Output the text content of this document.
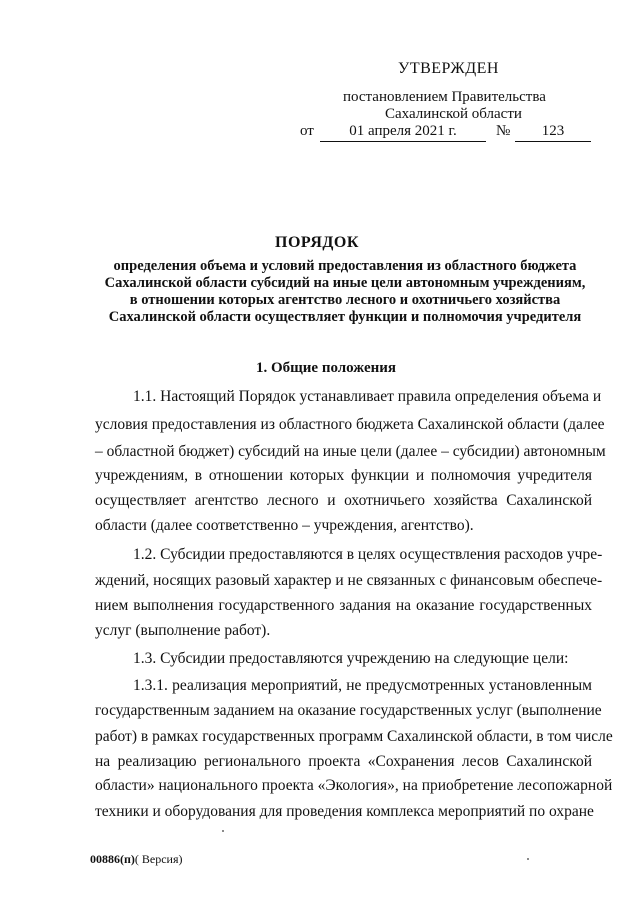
УТВЕРЖДЕН
постановлением Правительства
Сахалинской области
от	01 апреля 2021 г.	№	123
ПОРЯДОК
определения объема и условий предоставления из областного бюджета
Сахалинской области субсидий на иные цели автономным учреждениям,
в отношении которых агентство лесного и охотничьего хозяйства
Сахалинской области осуществляет функции и полномочия учредителя
1. Общие положения
1.1. Настоящий Порядок устанавливает правила определения объема и
условия предоставления из областного бюджета Сахалинской области (далее
– областной бюджет) субсидий на иные цели (далее – субсидии) автономным
учреждениям, в отношении которых функции и полномочия учредителя
осуществляет агентство лесного и охотничьего хозяйства Сахалинской
области (далее соответственно – учреждения, агентство).
1.2. Субсидии предоставляются в целях осуществления расходов учре-
ждений, носящих разовый характер и не связанных с финансовым обеспече-
нием выполнения государственного задания на оказание государственных
услуг (выполнение работ).
1.3. Субсидии предоставляются учреждению на следующие цели:
1.3.1. реализация мероприятий, не предусмотренных установленным
государственным заданием на оказание государственных услуг (выполнение
работ) в рамках государственных программ Сахалинской области, в том числе
на реализацию регионального проекта «Сохранения лесов Сахалинской
области» национального проекта «Экология», на приобретение лесопожарной
техники и оборудования для проведения комплекса мероприятий по охране
00886(п)( Версия)
